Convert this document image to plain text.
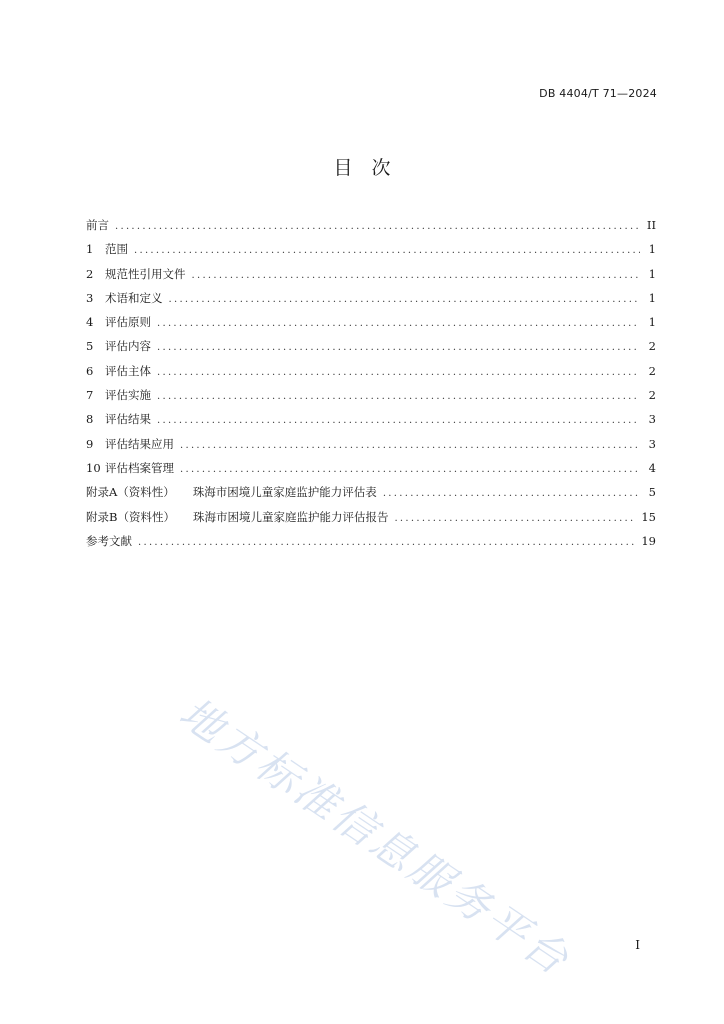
DB 4404/T 71—2024
目　次
前言 .....	II
1	范围 .....	1
2	规范性引用文件 .....	1
3	术语和定义 .....	1
4	评估原则 .....	1
5	评估内容 .....	2
6	评估主体 .....	2
7	评估实施 .....	2
8	评估结果 .....	3
9	评估结果应用 .....	3
10 评估档案管理 .....	4
附录A（资料性） 珠海市困境儿童家庭监护能力评估表 .....	5
附录B（资料性） 珠海市困境儿童家庭监护能力评估报告 .....	15
参考文献 .....	19
地方标准信息服务平台	I
